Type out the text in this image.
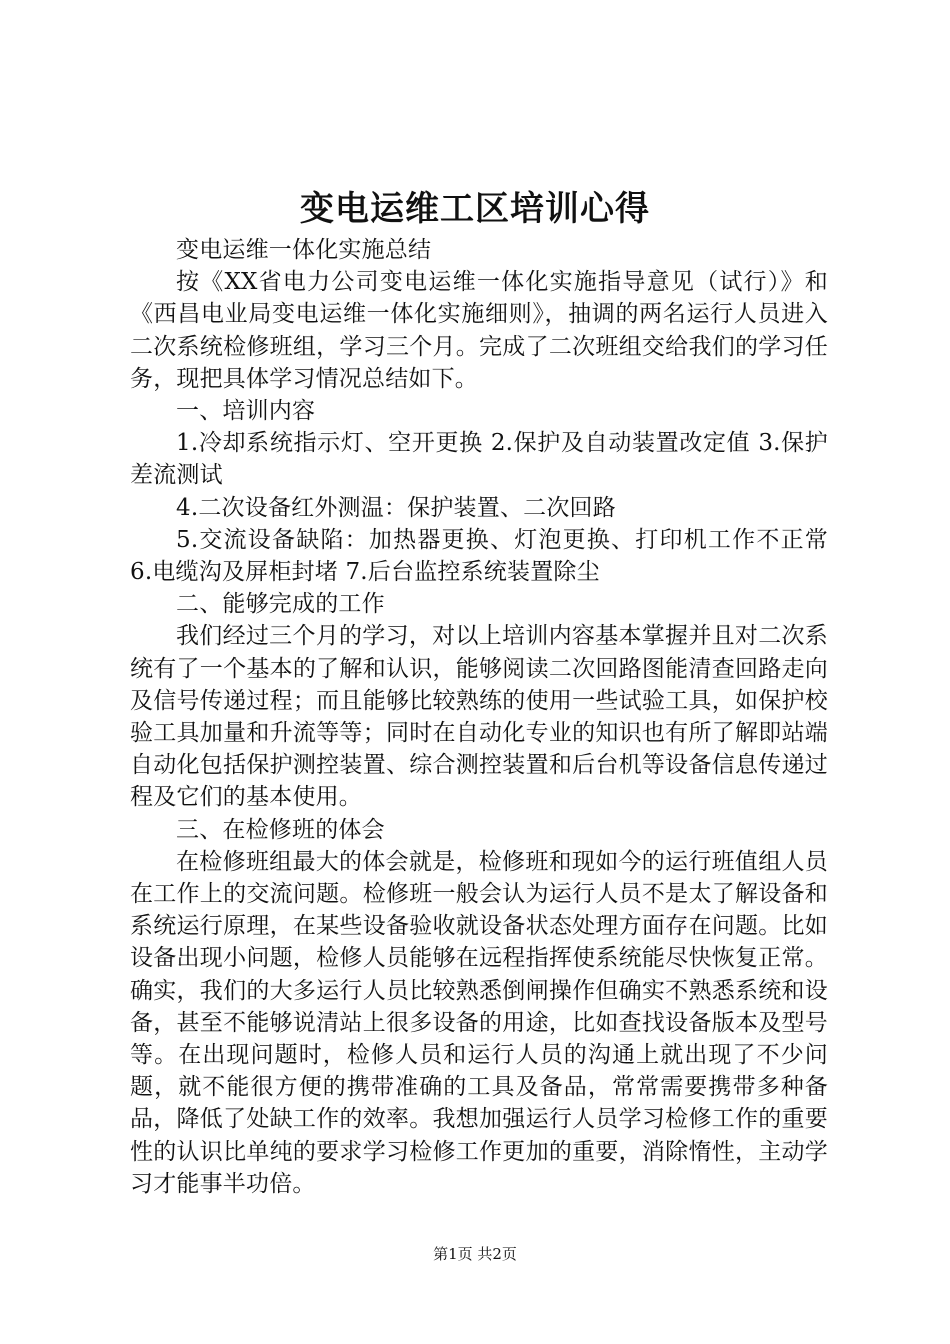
变电运维工区培训心得

变电运维一体化实施总结

按《XX省电力公司变电运维一体化实施指导意见（试行）》和《西昌电业局变电运维一体化实施细则》，抽调的两名运行人员进入二次系统检修班组，学习三个月。完成了二次班组交给我们的学习任务，现把具体学习情况总结如下。

一、培训内容

1.冷却系统指示灯、空开更换 2.保护及自动装置改定值 3.保护差流测试

4.二次设备红外测温：保护装置、二次回路

5.交流设备缺陷：加热器更换、灯泡更换、打印机工作不正常 6.电缆沟及屏柜封堵 7.后台监控系统装置除尘

二、能够完成的工作

我们经过三个月的学习，对以上培训内容基本掌握并且对二次系统有了一个基本的了解和认识，能够阅读二次回路图能清查回路走向及信号传递过程；而且能够比较熟练的使用一些试验工具，如保护校验工具加量和升流等等；同时在自动化专业的知识也有所了解即站端自动化包括保护测控装置、综合测控装置和后台机等设备信息传递过程及它们的基本使用。

三、在检修班的体会

在检修班组最大的体会就是，检修班和现如今的运行班值组人员在工作上的交流问题。检修班一般会认为运行人员不是太了解设备和系统运行原理，在某些设备验收就设备状态处理方面存在问题。比如设备出现小问题，检修人员能够在远程指挥使系统能尽快恢复正常。确实，我们的大多运行人员比较熟悉倒闸操作但确实不熟悉系统和设备，甚至不能够说清站上很多设备的用途，比如查找设备版本及型号等。在出现问题时，检修人员和运行人员的沟通上就出现了不少问题，就不能很方便的携带准确的工具及备品，常常需要携带多种备品，降低了处缺工作的效率。我想加强运行人员学习检修工作的重要性的认识比单纯的要求学习检修工作更加的重要，消除惰性，主动学习才能事半功倍。

第1页 共2页
